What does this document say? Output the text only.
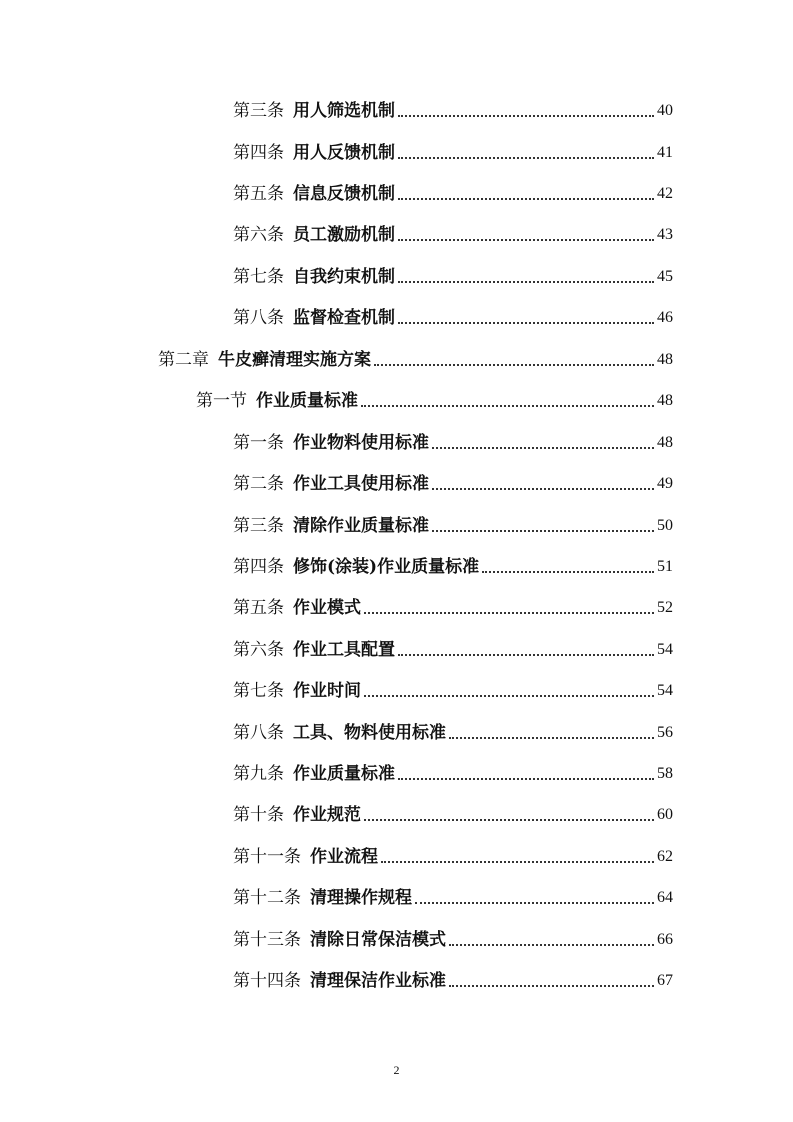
第三条 用人筛选机制	40
第四条 用人反馈机制	41
第五条 信息反馈机制	42
第六条 员工激励机制	43
第七条 自我约束机制	45
第八条 监督检查机制	46
第二章 牛皮癣清理实施方案	48
第一节 作业质量标准	48
第一条 作业物料使用标准	48
第二条 作业工具使用标准	49
第三条 清除作业质量标准	50
第四条 修饰(涂装)作业质量标准	51
第五条 作业模式	52
第六条 作业工具配置	54
第七条 作业时间	54
第八条 工具、物料使用标准	56
第九条 作业质量标准	58
第十条 作业规范	60
第十一条 作业流程	62
第十二条 清理操作规程	64
第十三条 清除日常保洁模式	66
第十四条 清理保洁作业标准	67
2
